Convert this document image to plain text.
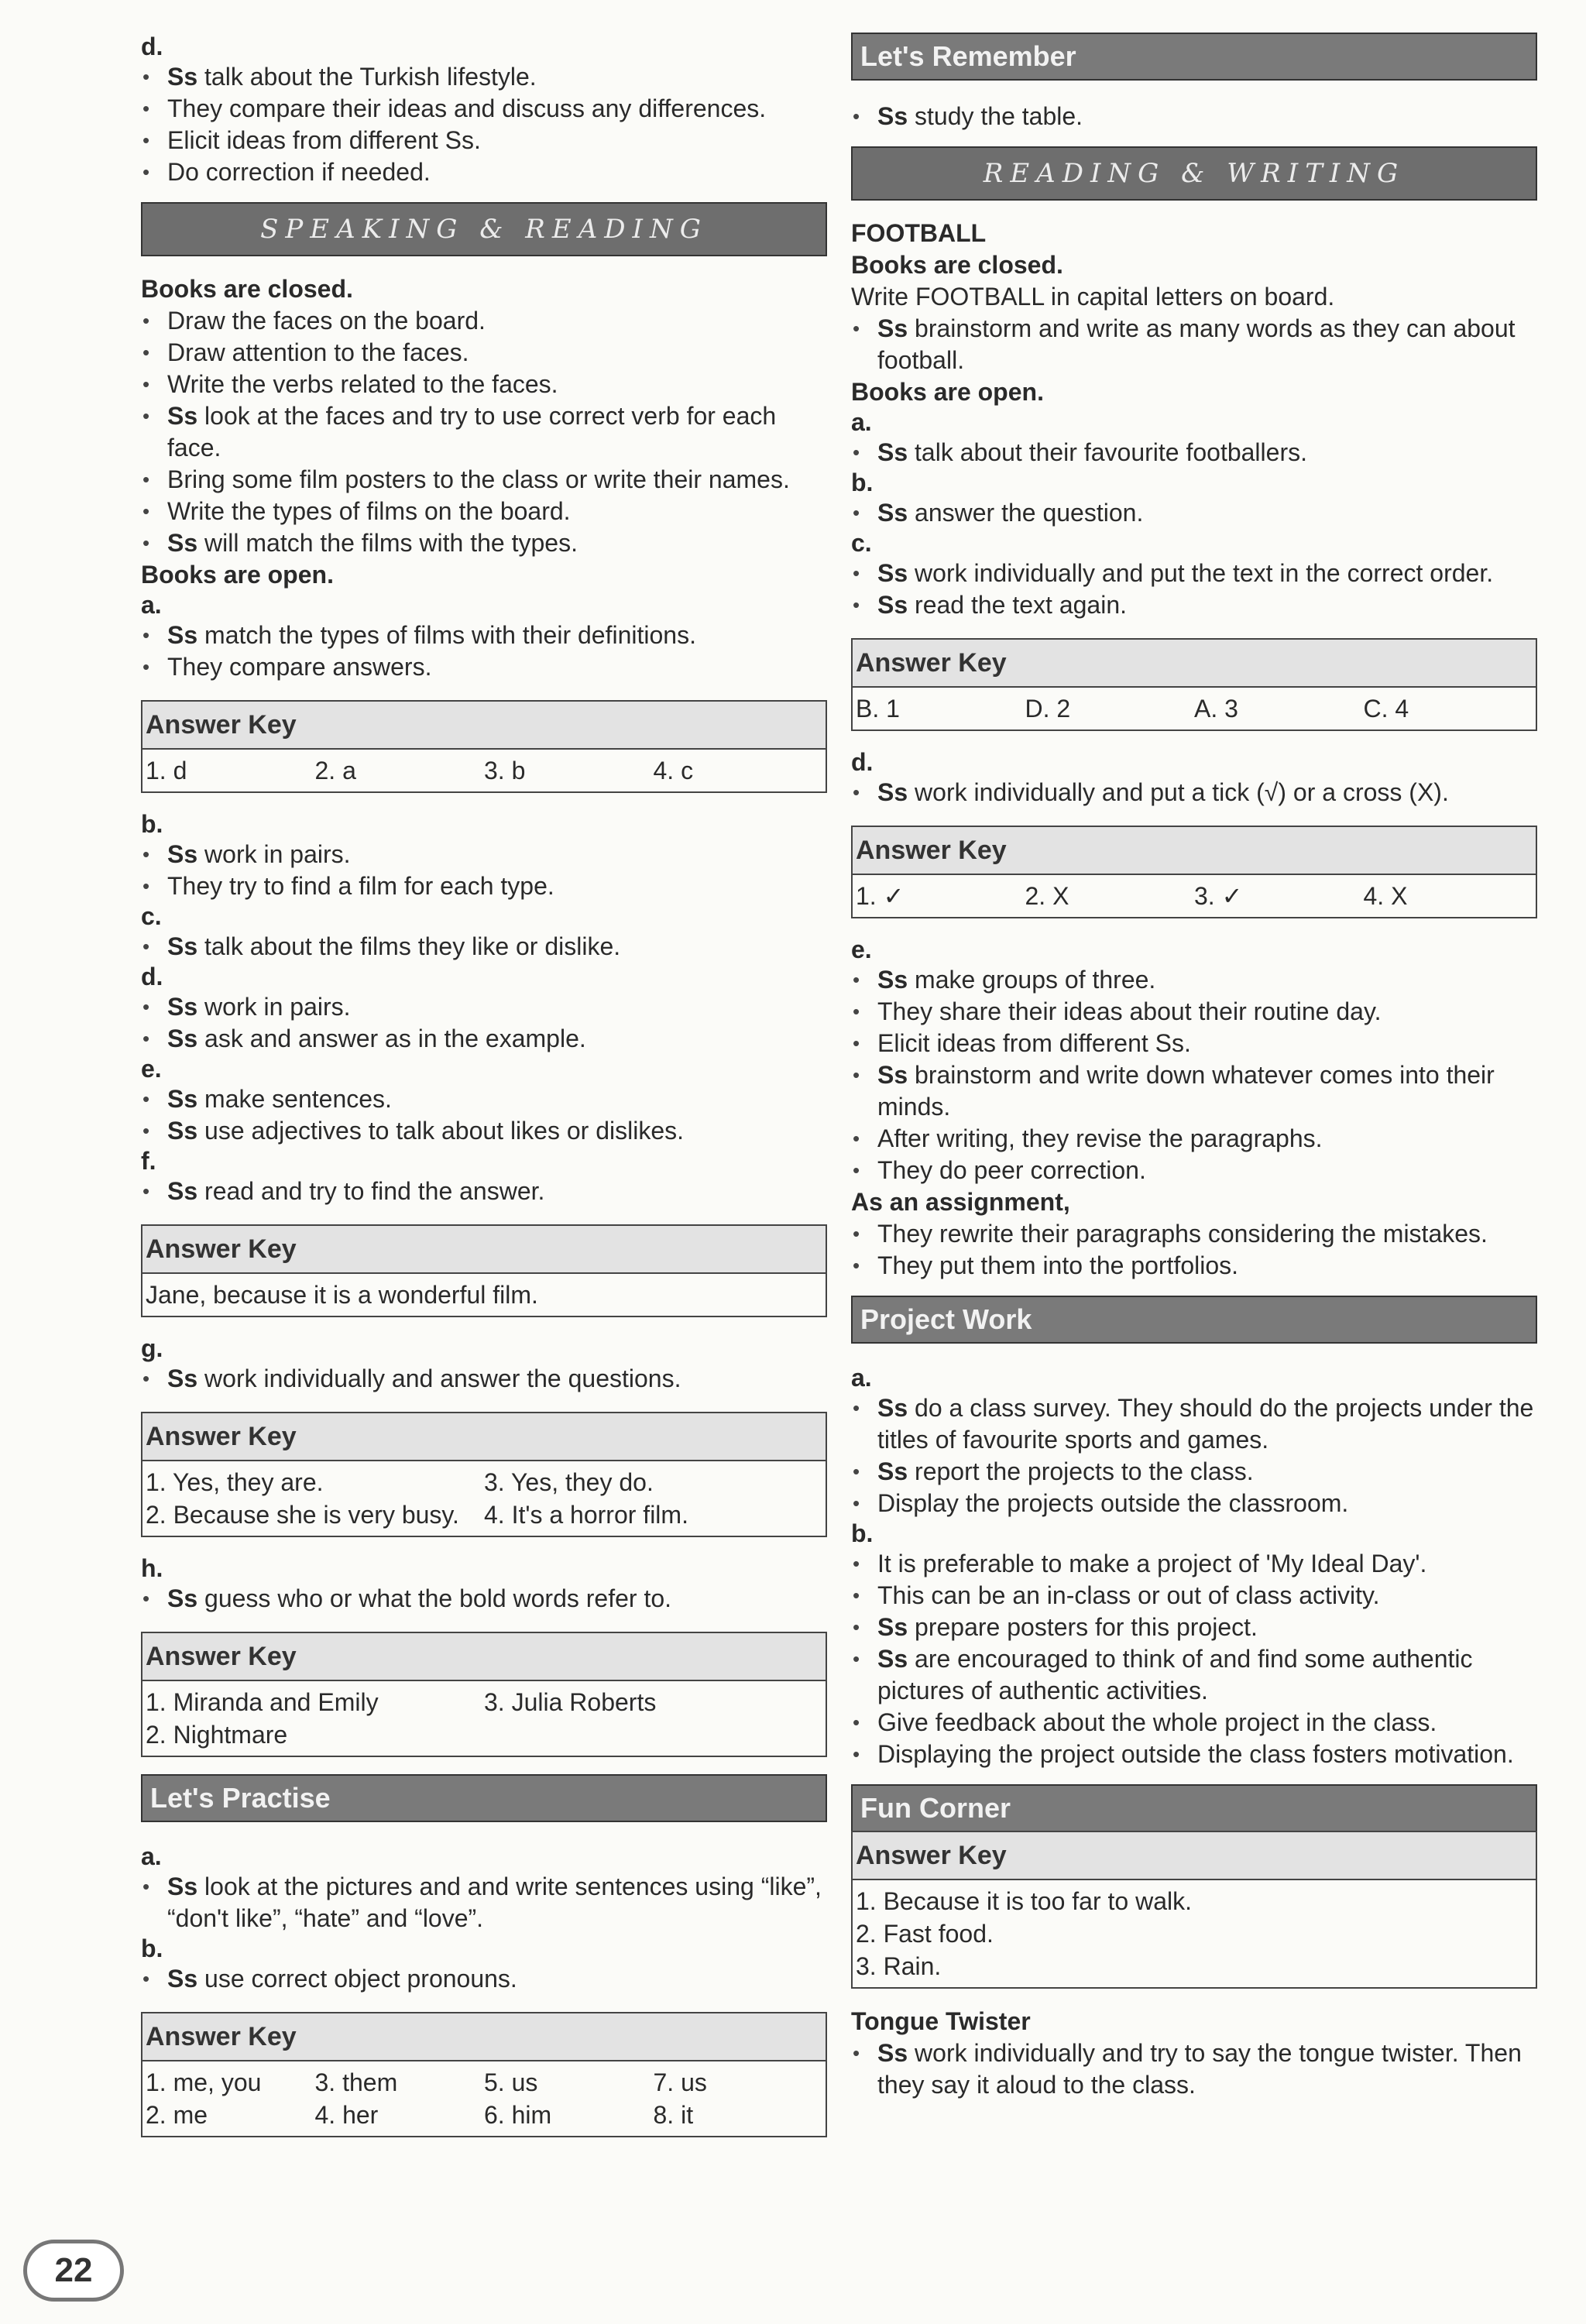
d.

• Ss talk about the Turkish lifestyle.
• They compare their ideas and discuss any differences.
• Elicit ideas from different Ss.
• Do correction if needed.
SPEAKING & READING

Books are closed.

• Draw the faces on the board.
• Draw attention to the faces.
• Write the verbs related to the faces.
• Ss look at the faces and try to use correct verb for each face.
• Bring some film posters to the class or write their names.
• Write the types of films on the board.
• Ss will match the films with the types.

Books are open.

a.

• Ss match the types of films with their definitions.
• They compare answers.
Answer Key
1. d	2. a	3. b	4. c

b.

• Ss work in pairs.
• They try to find a film for each type.

c.

• Ss talk about the films they like or dislike.

d.

• Ss work in pairs.
• Ss ask and answer as in the example.

e.

• Ss make sentences.
• Ss use adjectives to talk about likes or dislikes.

f.

• Ss read and try to find the answer.
Answer Key
Jane, because it is a wonderful film.

g.

• Ss work individually and answer the questions.
Answer Key
1. Yes, they are.	3. Yes, they do.
2. Because she is very busy.	4. It's a horror film.

h.

• Ss guess who or what the bold words refer to.
Answer Key
1. Miranda and Emily	3. Julia Roberts
2. Nightmare
Let's Practise

a.

• Ss look at the pictures and and write sentences using “like”, “don't like”, “hate” and “love”.

b.

• Ss use correct object pronouns.
Answer Key
1. me, you	3. them	5. us	7. us
2. me	4. her	6. him	8. it
Let's Remember
• Ss study the table.
READING & WRITING

FOOTBALL

Books are closed.

Write FOOTBALL in capital letters on board.

• Ss brainstorm and write as many words as they can about football.

Books are open.

a.

• Ss talk about their favourite footballers.

b.

• Ss answer the question.

c.

• Ss work individually and put the text in the correct order.
• Ss read the text again.
Answer Key
B. 1	D. 2	A. 3	C. 4

d.

• Ss work individually and put a tick (√) or a cross (X).
Answer Key
1. ✓	2. X	3. ✓	4. X

e.

• Ss make groups of three.
• They share their ideas about their routine day.
• Elicit ideas from different Ss.
• Ss brainstorm and write down whatever comes into their minds.
• After writing, they revise the paragraphs.
• They do peer correction.

As an assignment,

• They rewrite their paragraphs considering the mistakes.
• They put them into the portfolios.
Project Work

a.

• Ss do a class survey. They should do the projects under the titles of favourite sports and games.
• Ss report the projects to the class.
• Display the projects outside the classroom.

b.

• It is preferable to make a project of 'My Ideal Day'.
• This can be an in-class or out of class activity.
• Ss prepare posters for this project.
• Ss are encouraged to think of and find some authentic pictures of authentic activities.
• Give feedback about the whole project in the class.
• Displaying the project outside the class fosters motivation.
Fun Corner
Answer Key
1. Because it is too far to walk.
2. Fast food.
3. Rain.

Tongue Twister

• Ss work individually and try to say the tongue twister. Then they say it aloud to the class.
22
